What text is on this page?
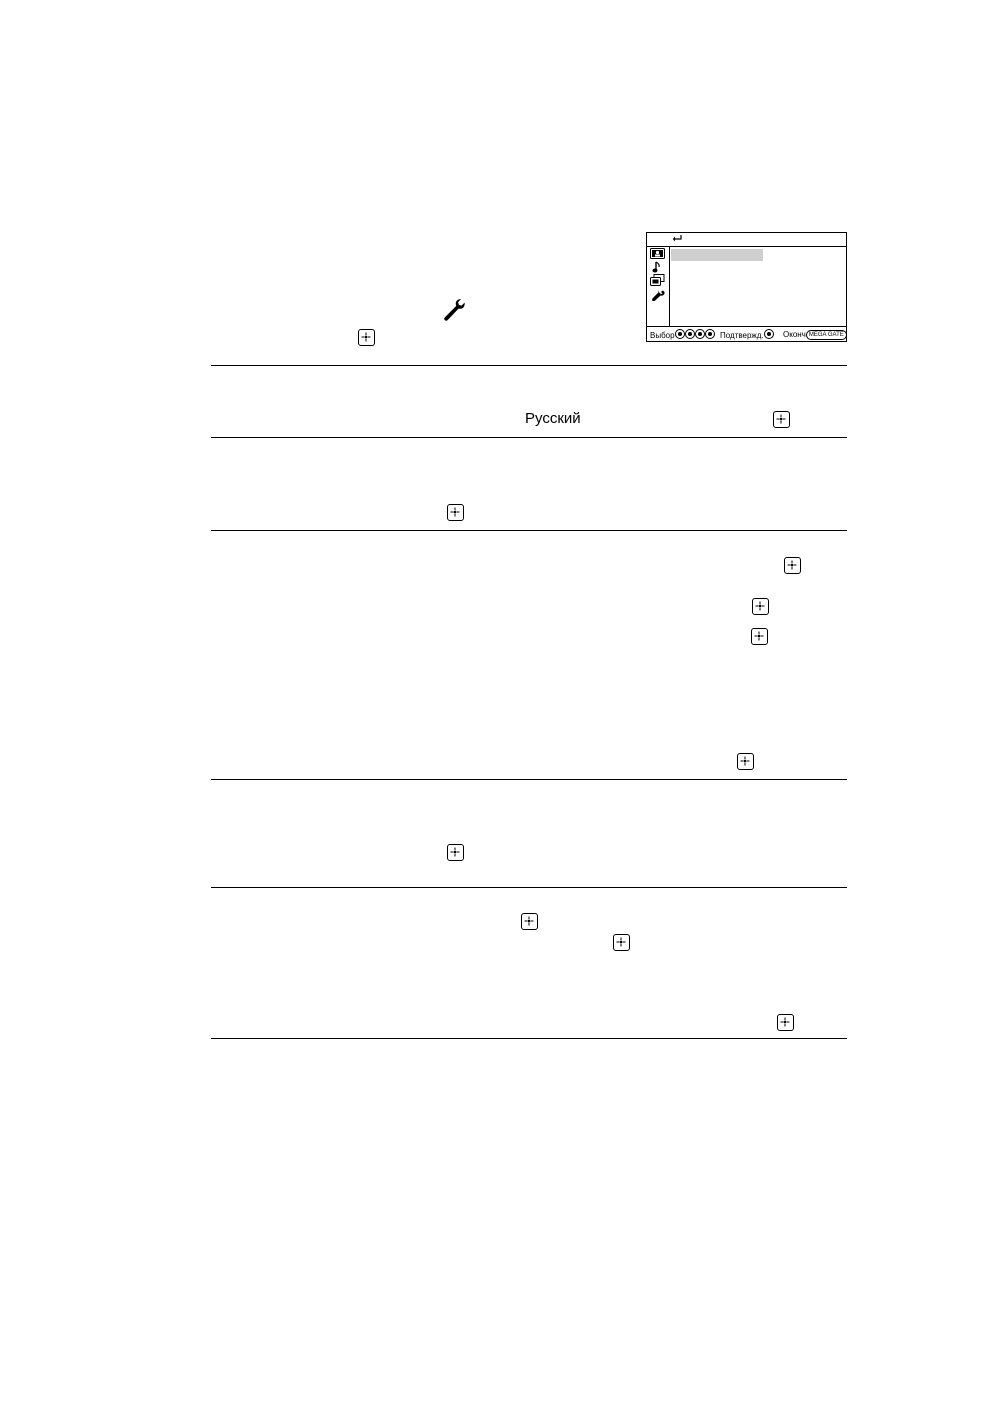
Выбор	Подтвержд.	Оконч MEGA GATE
Русский
